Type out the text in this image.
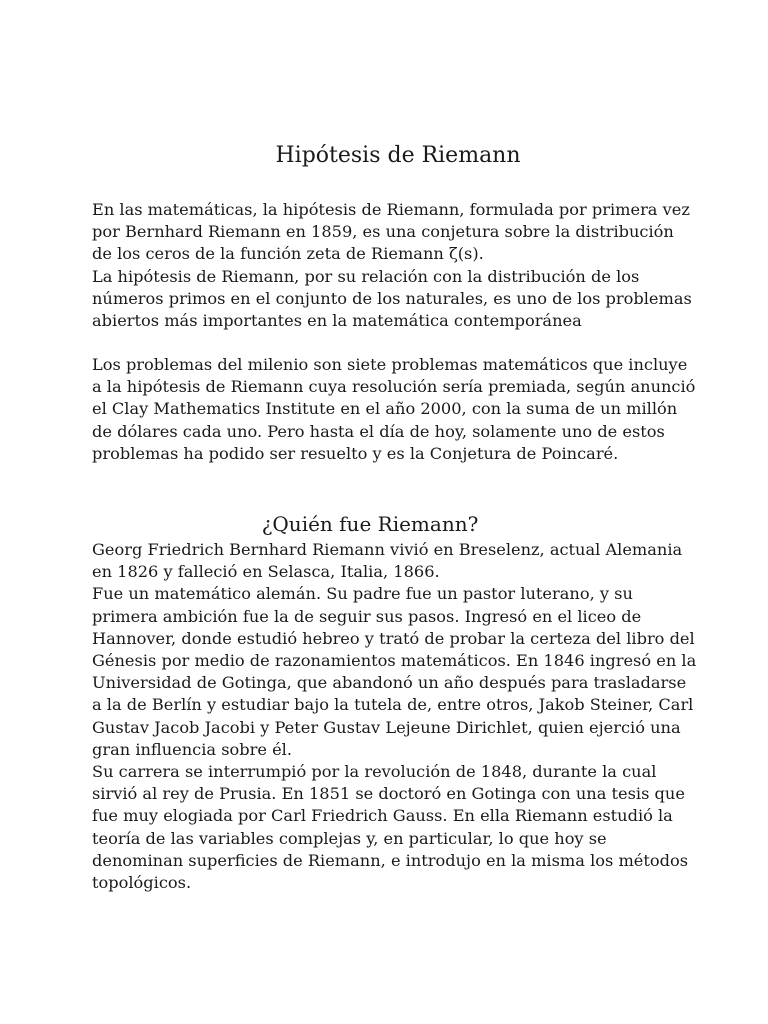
Hipótesis de Riemann
En las matemáticas, la hipótesis de Riemann, formulada por primera vez
por Bernhard Riemann en 1859, es una conjetura sobre la distribución
de los ceros de la función zeta de Riemann ζ(s).
La hipótesis de Riemann, por su relación con la distribución de los
números primos en el conjunto de los naturales, es uno de los problemas
abiertos más importantes en la matemática contemporánea
Los problemas del milenio son siete problemas matemáticos que incluye
a la hipótesis de Riemann cuya resolución sería premiada, según anunció
el Clay Mathematics Institute en el año 2000, con la suma de un millón
de dólares cada uno. Pero hasta el día de hoy, solamente uno de estos
problemas ha podido ser resuelto y es la Conjetura de Poincaré.
¿Quién fue Riemann?
Georg Friedrich Bernhard Riemann vivió en Breselenz, actual Alemania
en 1826 y falleció en Selasca, Italia, 1866.
Fue un matemático alemán. Su padre fue un pastor luterano, y su
primera ambición fue la de seguir sus pasos. Ingresó en el liceo de
Hannover, donde estudió hebreo y trató de probar la certeza del libro del
Génesis por medio de razonamientos matemáticos. En 1846 ingresó en la
Universidad de Gotinga, que abandonó un año después para trasladarse
a la de Berlín y estudiar bajo la tutela de, entre otros, Jakob Steiner, Carl
Gustav Jacob Jacobi y Peter Gustav Lejeune Dirichlet, quien ejerció una
gran influencia sobre él.
Su carrera se interrumpió por la revolución de 1848, durante la cual
sirvió al rey de Prusia. En 1851 se doctoró en Gotinga con una tesis que
fue muy elogiada por Carl Friedrich Gauss. En ella Riemann estudió la
teoría de las variables complejas y, en particular, lo que hoy se
denominan superficies de Riemann, e introdujo en la misma los métodos
topológicos.
